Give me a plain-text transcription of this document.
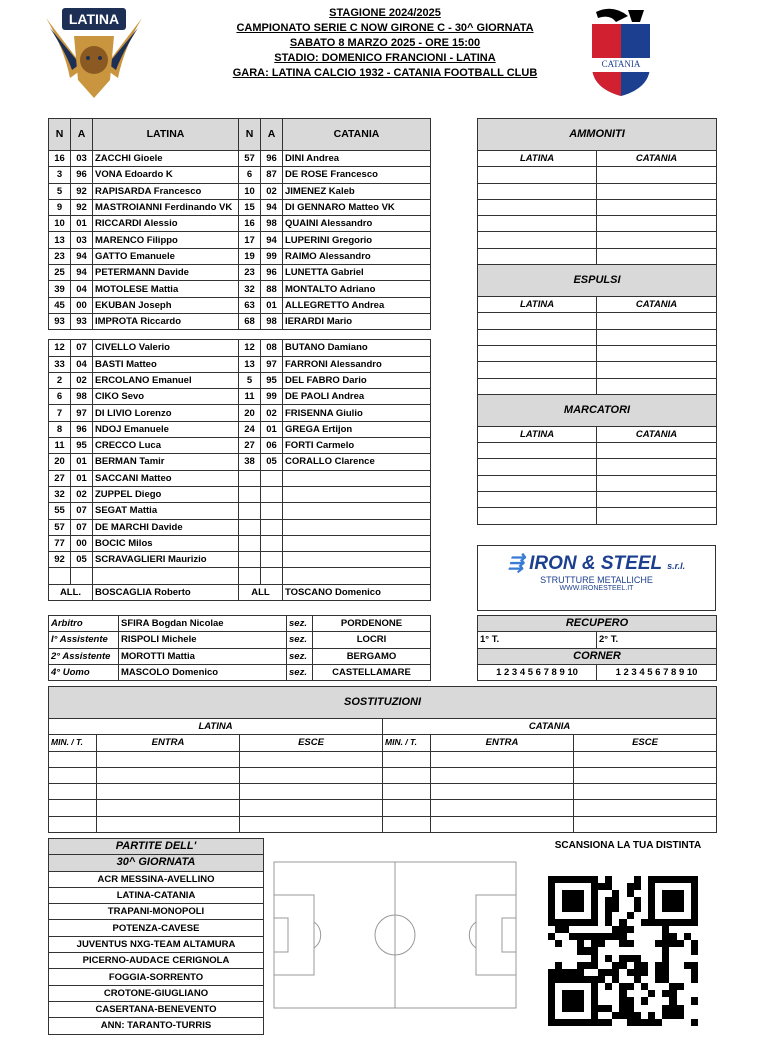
STAGIONE 2024/2025
CAMPIONATO SERIE C NOW GIRONE C - 30^ GIORNATA
SABATO 8 MARZO 2025 - ORE 15:00
STADIO: DOMENICO FRANCIONI - LATINA
GARA: LATINA CALCIO 1932 - CATANIA FOOTBALL CLUB
LATINA
CATANIA
N	A	LATINA	N	A	CATANIA
16	03	ZACCHI Gioele	57	96	DINI Andrea
3	96	VONA Edoardo K	6	87	DE ROSE Francesco
5	92	RAPISARDA Francesco	10	02	JIMENEZ Kaleb
9	92	MASTROIANNI Ferdinando VK	15	94	DI GENNARO Matteo VK
10	01	RICCARDI Alessio	16	98	QUAINI Alessandro
13	03	MARENCO Filippo	17	94	LUPERINI Gregorio
23	94	GATTO Emanuele	19	99	RAIMO Alessandro
25	94	PETERMANN Davide	23	96	LUNETTA Gabriel
39	04	MOTOLESE Mattia	32	88	MONTALTO Adriano
45	00	EKUBAN Joseph	63	01	ALLEGRETTO Andrea
93	93	IMPROTA Riccardo	68	98	IERARDI Mario

12	07	CIVELLO Valerio	12	08	BUTANO Damiano
33	04	BASTI Matteo	13	97	FARRONI Alessandro
2	02	ERCOLANO Emanuel	5	95	DEL FABRO Dario
6	98	CIKO Sevo	11	99	DE PAOLI Andrea
7	97	DI LIVIO Lorenzo	20	02	FRISENNA Giulio
8	96	NDOJ Emanuele	24	01	GREGA Ertijon
11	95	CRECCO Luca	27	06	FORTI Carmelo
20	01	BERMAN Tamir	38	05	CORALLO Clarence
27	01	SACCANI Matteo			
32	02	ZUPPEL Diego			
55	07	SEGAT Mattia			
57	07	DE MARCHI Davide			
77	00	BOCIC Milos			
92	05	SCRAVAGLIERI Maurizio			

ALL.		BOSCAGLIA Roberto	ALL		TOSCANO Domenico
Arbitro	SFIRA Bogdan Nicolae	sez.	PORDENONE
I° Assistente	RISPOLI Michele	sez.	LOCRI
2° Assistente	MOROTTI Mattia	sez.	BERGAMO
4° Uomo	MASCOLO Domenico	sez.	CASTELLAMARE
AMMONITI	
LATINA	CATANIA

ESPULSI	
LATINA	CATANIA

MARCATORI	
LATINA	CATANIA

⇶ IRON & STEEL s.r.l.
STRUTTURE METALLICHE
WWW.IRONESTEEL.IT
RECUPERO	
1° T.	2° T.
CORNER	
1 2 3 4 5 6 7 8 9 10	1 2 3 4 5 6 7 8 9 10
SOSTITUZIONI					
LATINA			CATANIA		
MIN. / T.	ENTRA	ESCE	MIN. / T.	ENTRA	ESCE

PARTITE DELL'
30^ GIORNATA
ACR MESSINA-AVELLINO
LATINA-CATANIA
TRAPANI-MONOPOLI
POTENZA-CAVESE
JUVENTUS NXG-TEAM ALTAMURA
PICERNO-AUDACE CERIGNOLA
FOGGIA-SORRENTO
CROTONE-GIUGLIANO
CASERTANA-BENEVENTO
ANN: TARANTO-TURRIS
SCANSIONA LA TUA DISTINTA
